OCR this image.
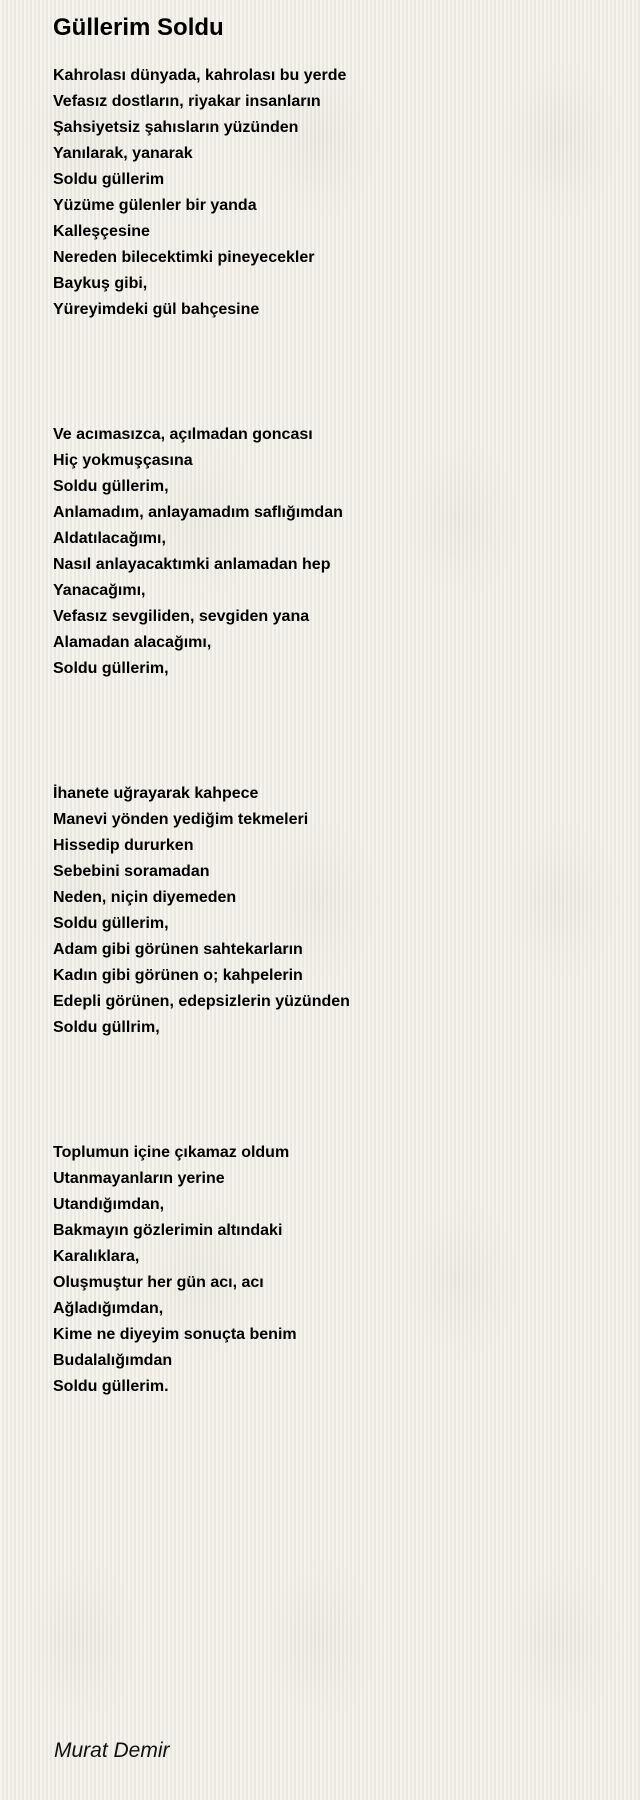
Güllerim Soldu
Kahrolası dünyada, kahrolası bu yerde
Vefasız dostların, riyakar insanların
Şahsiyetsiz şahısların yüzünden
Yanılarak, yanarak
Soldu güllerim
Yüzüme gülenler bir yanda
Kalleşçesine
Nereden bilecektimki pineyecekler
Baykuş gibi,
Yüreyimdeki gül bahçesine
Ve acımasızca, açılmadan goncası
Hiç yokmuşçasına
Soldu güllerim,
Anlamadım, anlayamadım saflığımdan
Aldatılacağımı,
Nasıl anlayacaktımki anlamadan hep
Yanacağımı,
Vefasız sevgiliden, sevgiden yana
Alamadan alacağımı,
Soldu güllerim,
İhanete uğrayarak kahpece
Manevi yönden yediğim tekmeleri
Hissedip dururken
Sebebini soramadan
Neden, niçin diyemeden
Soldu güllerim,
Adam gibi görünen sahtekarların
Kadın gibi görünen o; kahpelerin
Edepli görünen, edepsizlerin yüzünden
Soldu güllrim,
Toplumun içine çıkamaz oldum
Utanmayanların yerine
Utandığımdan,
Bakmayın gözlerimin altındaki
Karalıklara,
Oluşmuştur her gün acı, acı
Ağladığımdan,
Kime ne diyeyim sonuçta benim
Budalalığımdan
Soldu güllerim.
Murat Demir
